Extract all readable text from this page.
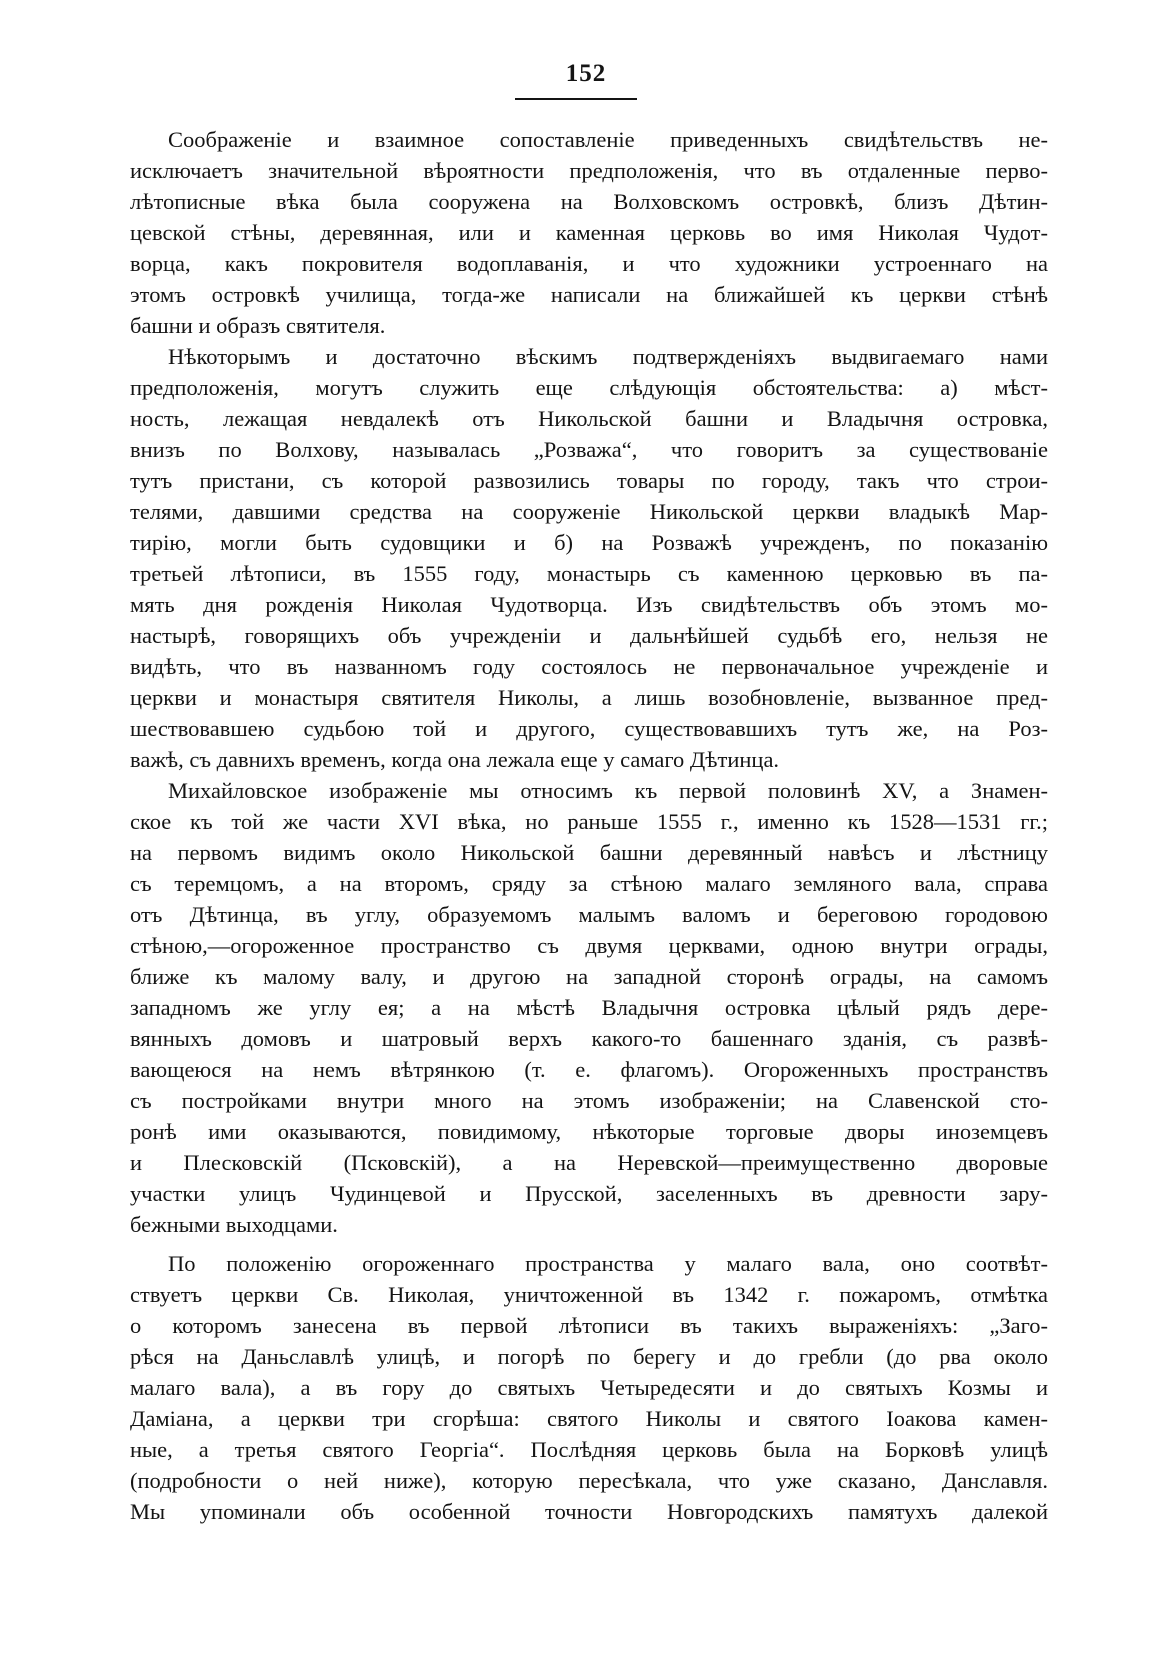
152
Соображенiе и взаимное сопоставленiе приведенныхъ свидѣтельствъ не-
исключаетъ значительной вѣроятности предположенiя, что въ отдаленные перво-
лѣтописные вѣка была сооружена на Волховскомъ островкѣ, близъ Дѣтин-
цевской стѣны, деревянная, или и каменная церковь во имя Николая Чудот-
ворца, какъ покровителя водоплаванiя, и что художники устроеннаго на
этомъ островкѣ училища, тогда-же написали на ближайшей къ церкви стѣнѣ
башни и образъ святителя.
Нѣкоторымъ и достаточно вѣскимъ подтвержденiяхъ выдвигаемаго нами
предположенiя, могутъ служить еще слѣдующiя обстоятельства: а) мѣст-
ность, лежащая невдалекѣ отъ Никольской башни и Владычня островка,
внизъ по Волхову, называлась „Розважа“, что говоритъ за существованiе
тутъ пристани, съ которой развозились товары по городу, такъ что строи-
телями, давшими средства на сооруженiе Никольской церкви владыкѣ Мар-
тирiю, могли быть судовщики и б) на Розважѣ учрежденъ, по показанiю
третьей лѣтописи, въ 1555 году, монастырь съ каменною церковью въ па-
мять дня рожденiя Николая Чудотворца. Изъ свидѣтельствъ объ этомъ мо-
настырѣ, говорящихъ объ учрежденiи и дальнѣйшей судьбѣ его, нельзя не
видѣть, что въ названномъ году состоялось не первоначальное учрежденiе и
церкви и монастыря святителя Николы, а лишь возобновленiе, вызванное пред-
шествовавшею судьбою той и другого, существовавшихъ тутъ же, на Роз-
важѣ, съ давнихъ временъ, когда она лежала еще у самаго Дѣтинца.
Михайловское изображенiе мы относимъ къ первой половинѣ XV, а Знамен-
ское къ той же части XVI вѣка, но раньше 1555 г., именно къ 1528—1531 гг.;
на первомъ видимъ около Никольской башни деревянный навѣсъ и лѣстницу
съ теремцомъ, а на второмъ, сряду за стѣною малаго земляного вала, справа
отъ Дѣтинца, въ углу, образуемомъ малымъ валомъ и береговою городовою
стѣною,—огороженное пространство съ двумя церквами, одною внутри ограды,
ближе къ малому валу, и другою на западной сторонѣ ограды, на самомъ
западномъ же углу ея; а на мѣстѣ Владычня островка цѣлый рядъ дере-
вянныхъ домовъ и шатровый верхъ какого-то башеннаго зданiя, съ развѣ-
вающеюся на немъ вѣтрянкою (т. е. флагомъ). Огороженныхъ пространствъ
съ постройками внутри много на этомъ изображенiи; на Славенской сто-
ронѣ ими оказываются, повидимому, нѣкоторые торговые дворы иноземцевъ
и Плесковскiй (Псковскiй), а на Неревской—преимущественно дворовые
участки улицъ Чудинцевой и Прусской, заселенныхъ въ древности зару-
бежными выходцами.
По положенiю огороженнаго пространства у малаго вала, оно соотвѣт-
ствуетъ церкви Св. Николая, уничтоженной въ 1342 г. пожаромъ, отмѣтка
о которомъ занесена въ первой лѣтописи въ такихъ выраженiяхъ: „Заго-
рѣся на Даньславлѣ улицѣ, и погорѣ по берегу и до гребли (до рва около
малаго вала), а въ гору до святыхъ Четыредесяти и до святыхъ Козмы и
Дамiана, а церкви три сгорѣша: святого Николы и святого Iоакова камен-
ные, а третья святого Георгiа“. Послѣдняя церковь была на Борковѣ улицѣ
(подробности о ней ниже), которую пересѣкала, что уже сказано, Данславля.
Мы упоминали объ особенной точности Новгородскихъ памятухъ далекой
